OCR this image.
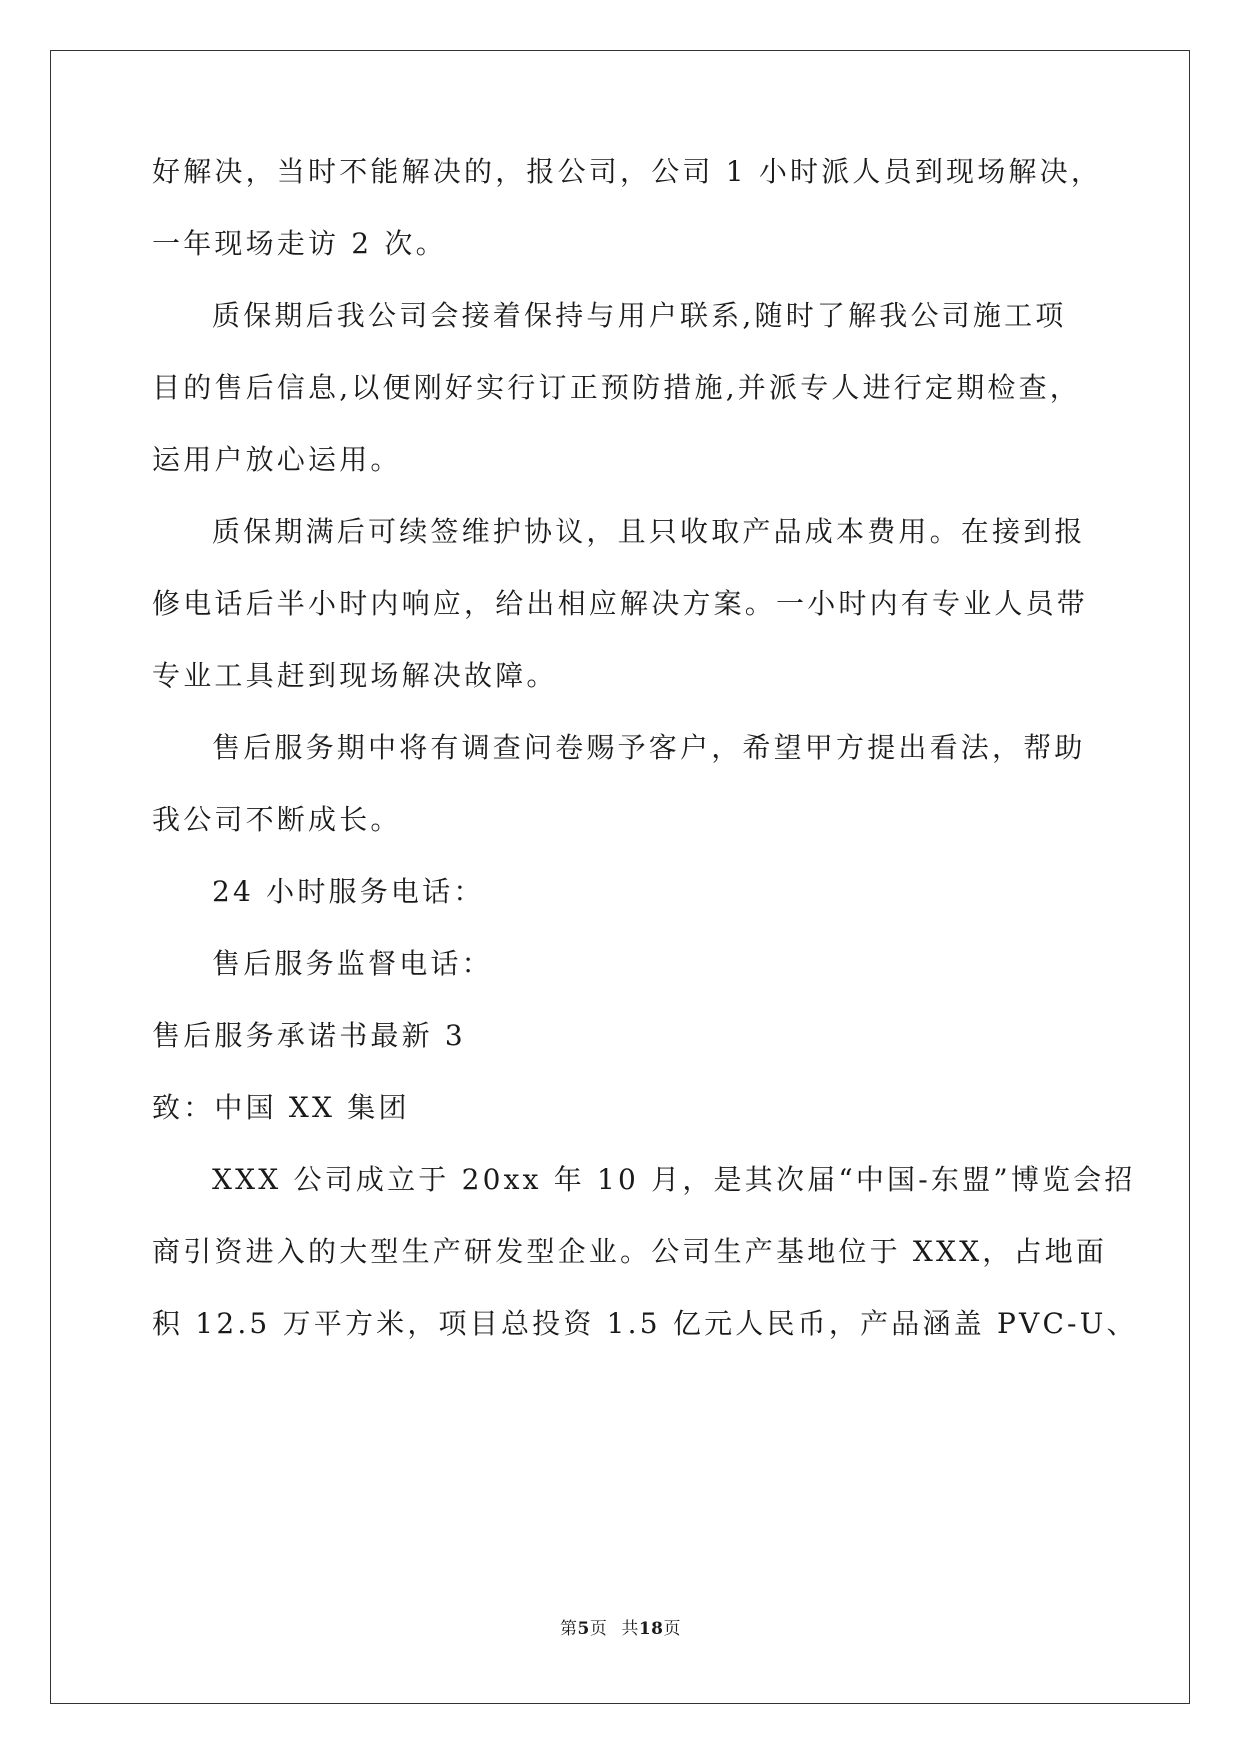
好解决，当时不能解决的，报公司，公司 1 小时派人员到现场解决，
一年现场走访 2 次。
质保期后我公司会接着保持与用户联系,随时了解我公司施工项
目的售后信息,以便刚好实行订正预防措施,并派专人进行定期检查，
运用户放心运用。
质保期满后可续签维护协议，且只收取产品成本费用。在接到报
修电话后半小时内响应，给出相应解决方案。一小时内有专业人员带
专业工具赶到现场解决故障。
售后服务期中将有调查问卷赐予客户，希望甲方提出看法，帮助
我公司不断成长。
24 小时服务电话：
售后服务监督电话：
售后服务承诺书最新 3
致：中国 XX 集团
XXX 公司成立于 20xx 年 10 月，是其次届“中国-东盟”博览会招
商引资进入的大型生产研发型企业。公司生产基地位于 XXX，占地面
积 12.5 万平方米，项目总投资 1.5 亿元人民币，产品涵盖 PVC-U、
第5页 共18页
